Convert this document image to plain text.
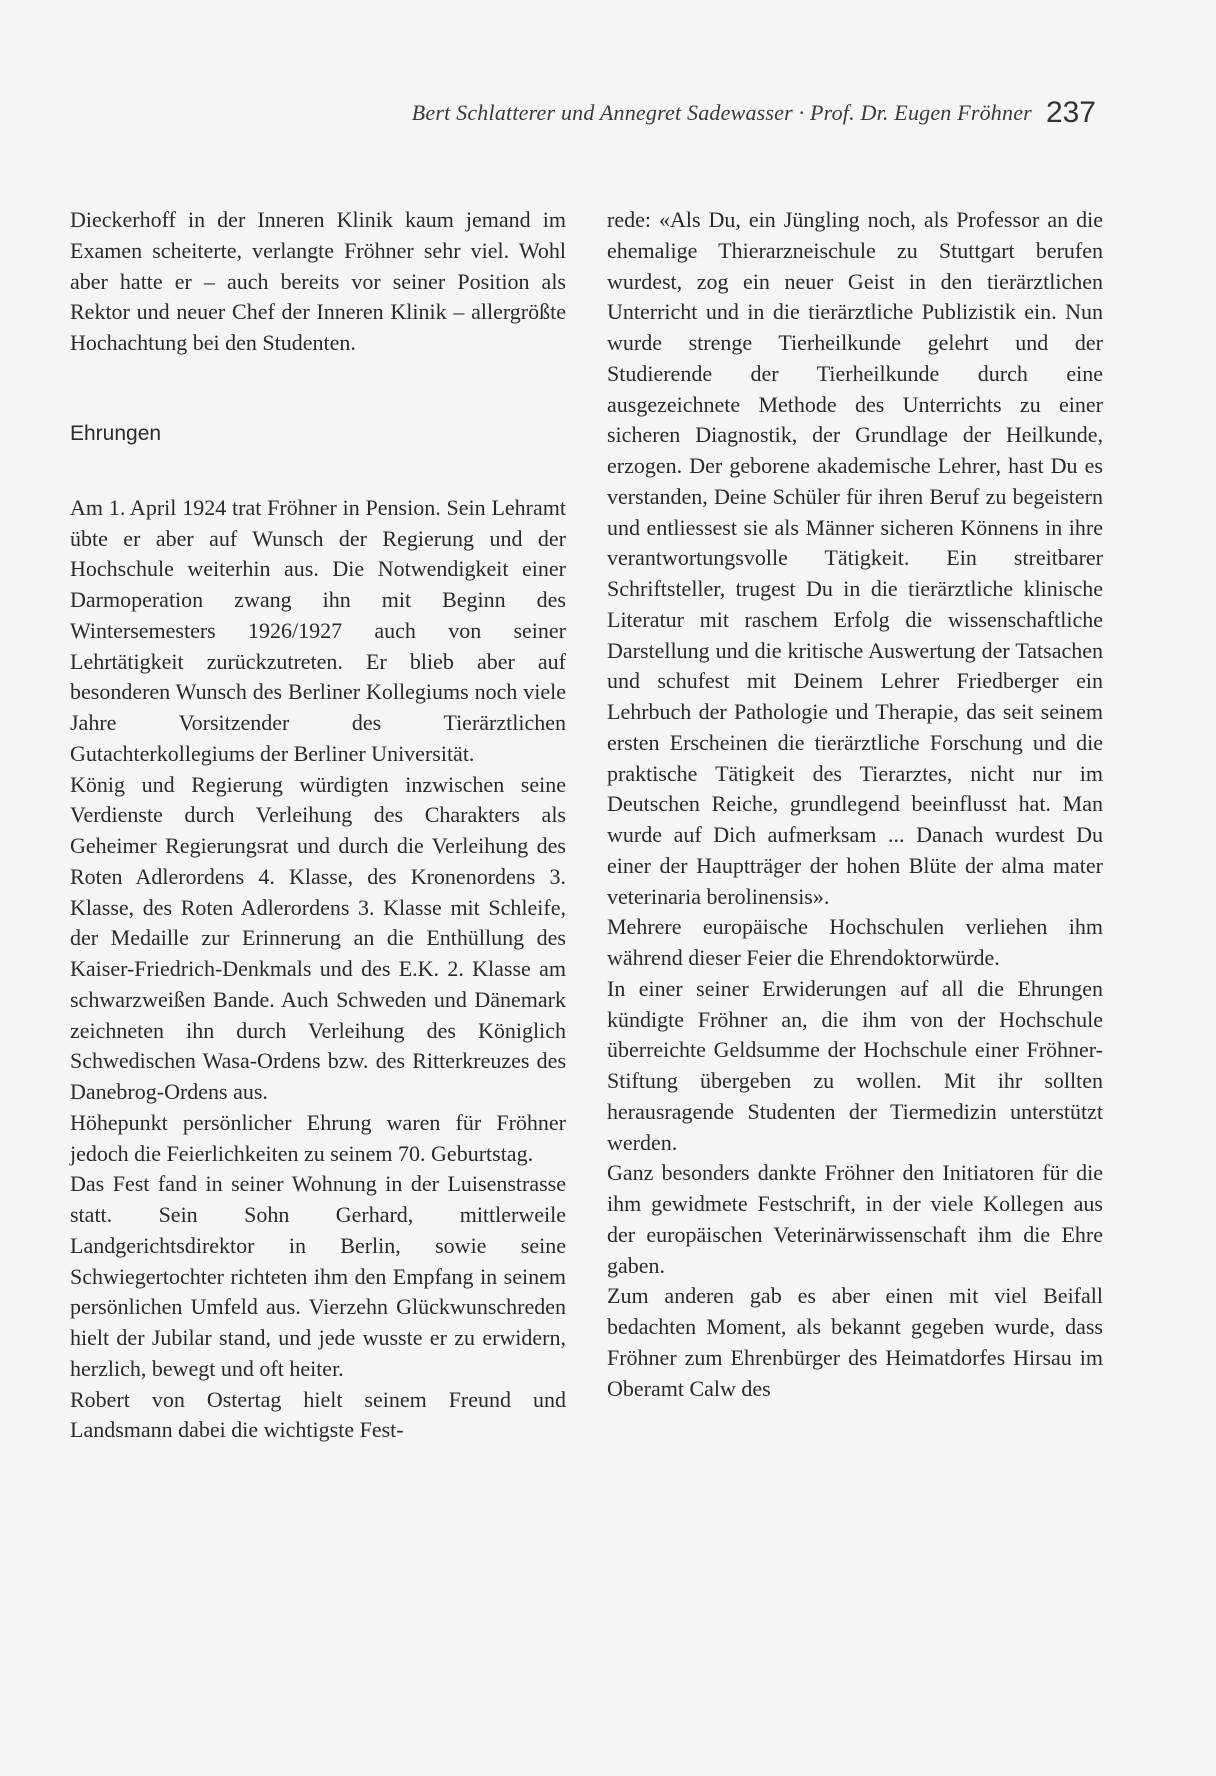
Bert Schlatterer und Annegret Sadewasser · Prof. Dr. Eugen Fröhner 237

Dieckerhoff in der Inneren Klinik kaum jemand im Examen scheiterte, verlangte Fröhner sehr viel. Wohl aber hatte er – auch bereits vor seiner Position als Rektor und neuer Chef der Inneren Klinik – allergrößte Hochachtung bei den Studenten.

Ehrungen

Am 1. April 1924 trat Fröhner in Pension. Sein Lehramt übte er aber auf Wunsch der Regierung und der Hochschule weiterhin aus. Die Notwendigkeit einer Darmoperation zwang ihn mit Beginn des Wintersemesters 1926/1927 auch von seiner Lehrtätigkeit zurückzutreten. Er blieb aber auf besonderen Wunsch des Berliner Kollegiums noch viele Jahre Vorsitzender des Tierärztlichen Gutachterkollegiums der Berliner Universität.

König und Regierung würdigten inzwischen seine Verdienste durch Verleihung des Charakters als Geheimer Regierungsrat und durch die Verleihung des Roten Adlerordens 4. Klasse, des Kronenordens 3. Klasse, des Roten Adlerordens 3. Klasse mit Schleife, der Medaille zur Erinnerung an die Enthüllung des Kaiser-Friedrich-Denkmals und des E.K. 2. Klasse am schwarzweißen Bande. Auch Schweden und Dänemark zeichneten ihn durch Verleihung des Königlich Schwedischen Wasa-Ordens bzw. des Ritterkreuzes des Danebrog-Ordens aus.

Höhepunkt persönlicher Ehrung waren für Fröhner jedoch die Feierlichkeiten zu seinem 70. Geburtstag.

Das Fest fand in seiner Wohnung in der Luisenstrasse statt. Sein Sohn Gerhard, mittlerweile Landgerichtsdirektor in Berlin, sowie seine Schwiegertochter richteten ihm den Empfang in seinem persönlichen Umfeld aus. Vierzehn Glückwunschreden hielt der Jubilar stand, und jede wusste er zu erwidern, herzlich, bewegt und oft heiter.

Robert von Ostertag hielt seinem Freund und Landsmann dabei die wichtigste Fest-

rede: «Als Du, ein Jüngling noch, als Professor an die ehemalige Thierarzneischule zu Stuttgart berufen wurdest, zog ein neuer Geist in den tierärztlichen Unterricht und in die tierärztliche Publizistik ein. Nun wurde strenge Tierheilkunde gelehrt und der Studierende der Tierheilkunde durch eine ausgezeichnete Methode des Unterrichts zu einer sicheren Diagnostik, der Grundlage der Heilkunde, erzogen. Der geborene akademische Lehrer, hast Du es verstanden, Deine Schüler für ihren Beruf zu begeistern und entliessest sie als Männer sicheren Könnens in ihre verantwortungsvolle Tätigkeit. Ein streitbarer Schriftsteller, trugest Du in die tierärztliche klinische Literatur mit raschem Erfolg die wissenschaftliche Darstellung und die kritische Auswertung der Tatsachen und schufest mit Deinem Lehrer Friedberger ein Lehrbuch der Pathologie und Therapie, das seit seinem ersten Erscheinen die tierärztliche Forschung und die praktische Tätigkeit des Tierarztes, nicht nur im Deutschen Reiche, grundlegend beeinflusst hat. Man wurde auf Dich aufmerksam ... Danach wurdest Du einer der Hauptträger der hohen Blüte der alma mater veterinaria berolinensis».

Mehrere europäische Hochschulen verliehen ihm während dieser Feier die Ehrendoktorwürde.

In einer seiner Erwiderungen auf all die Ehrungen kündigte Fröhner an, die ihm von der Hochschule überreichte Geldsumme der Hochschule einer Fröhner-Stiftung übergeben zu wollen. Mit ihr sollten herausragende Studenten der Tiermedizin unterstützt werden.

Ganz besonders dankte Fröhner den Initiatoren für die ihm gewidmete Festschrift, in der viele Kollegen aus der europäischen Veterinärwissenschaft ihm die Ehre gaben.

Zum anderen gab es aber einen mit viel Beifall bedachten Moment, als bekannt gegeben wurde, dass Fröhner zum Ehrenbürger des Heimatdorfes Hirsau im Oberamt Calw des
